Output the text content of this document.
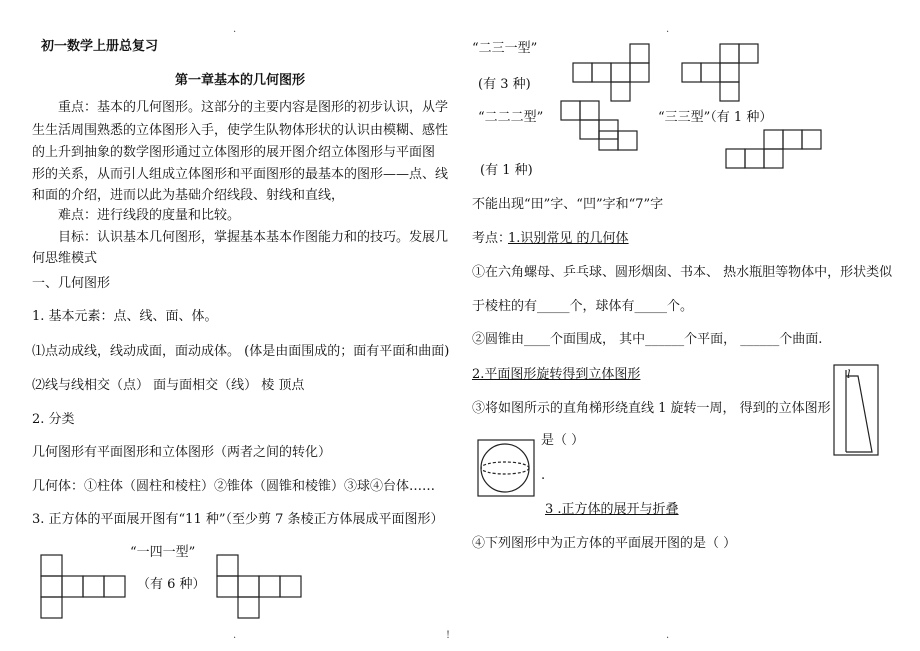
初一数学上册总复习
第一章基本的几何图形
重点：基本的几何图形。这部分的主要内容是图形的初步认识，从学
生生活周围熟悉的立体图形入手，使学生队物体形状的认识由模糊、感性
的上升到抽象的数学图形通过立体图形的展开图介绍立体图形与平面图
形的关系，从而引人组成立体图形和平面图形的最基本的图形——点、线
和面的介绍，进而以此为基础介绍线段、射线和直线，
难点：进行线段的度量和比较。
目标：认识基本几何图形，掌握基本基本作图能力和的技巧。发展几
何思维模式
一、几何图形
1. 基本元素：点、线、面、体。
⑴点动成线，线动成面，面动成体。 (体是由面围成的；面有平面和曲面)
⑵线与线相交（点） 面与面相交（线） 棱 顶点
2. 分类
几何图形有平面图形和立体图形（两者之间的转化）
几何体：①柱体（圆柱和棱柱）②锥体（圆锥和棱锥）③球④台体……
3. 正方体的平面展开图有“11 种”（至少剪 7 条棱正方体展成平面图形）
“一四一型”
（有 6 种）
“二三一型”
(有 3 种)
“二二二型”	“三三型”（有 1 种）
(有 1 种)
不能出现“田”字、“凹”字和“7”字
考点：
1.识别常见 的几何体
①在六角螺母、乒乓球、圆形烟囱、书本、 热水瓶胆等物体中，形状类似
于棱柱的有_____个，球体有_____个。
②圆锥由____个面围成， 其中______个平面， ______个曲面.
2.平面图形旋转得到立体图形
③将如图所示的直角梯形绕直线 1 旋转一周， 得到的立体图形
是（ ）
.
3 .正方体的展开与折叠
④下列图形中为正方体的平面展开图的是（ ）
l
.	.
.	!	.
